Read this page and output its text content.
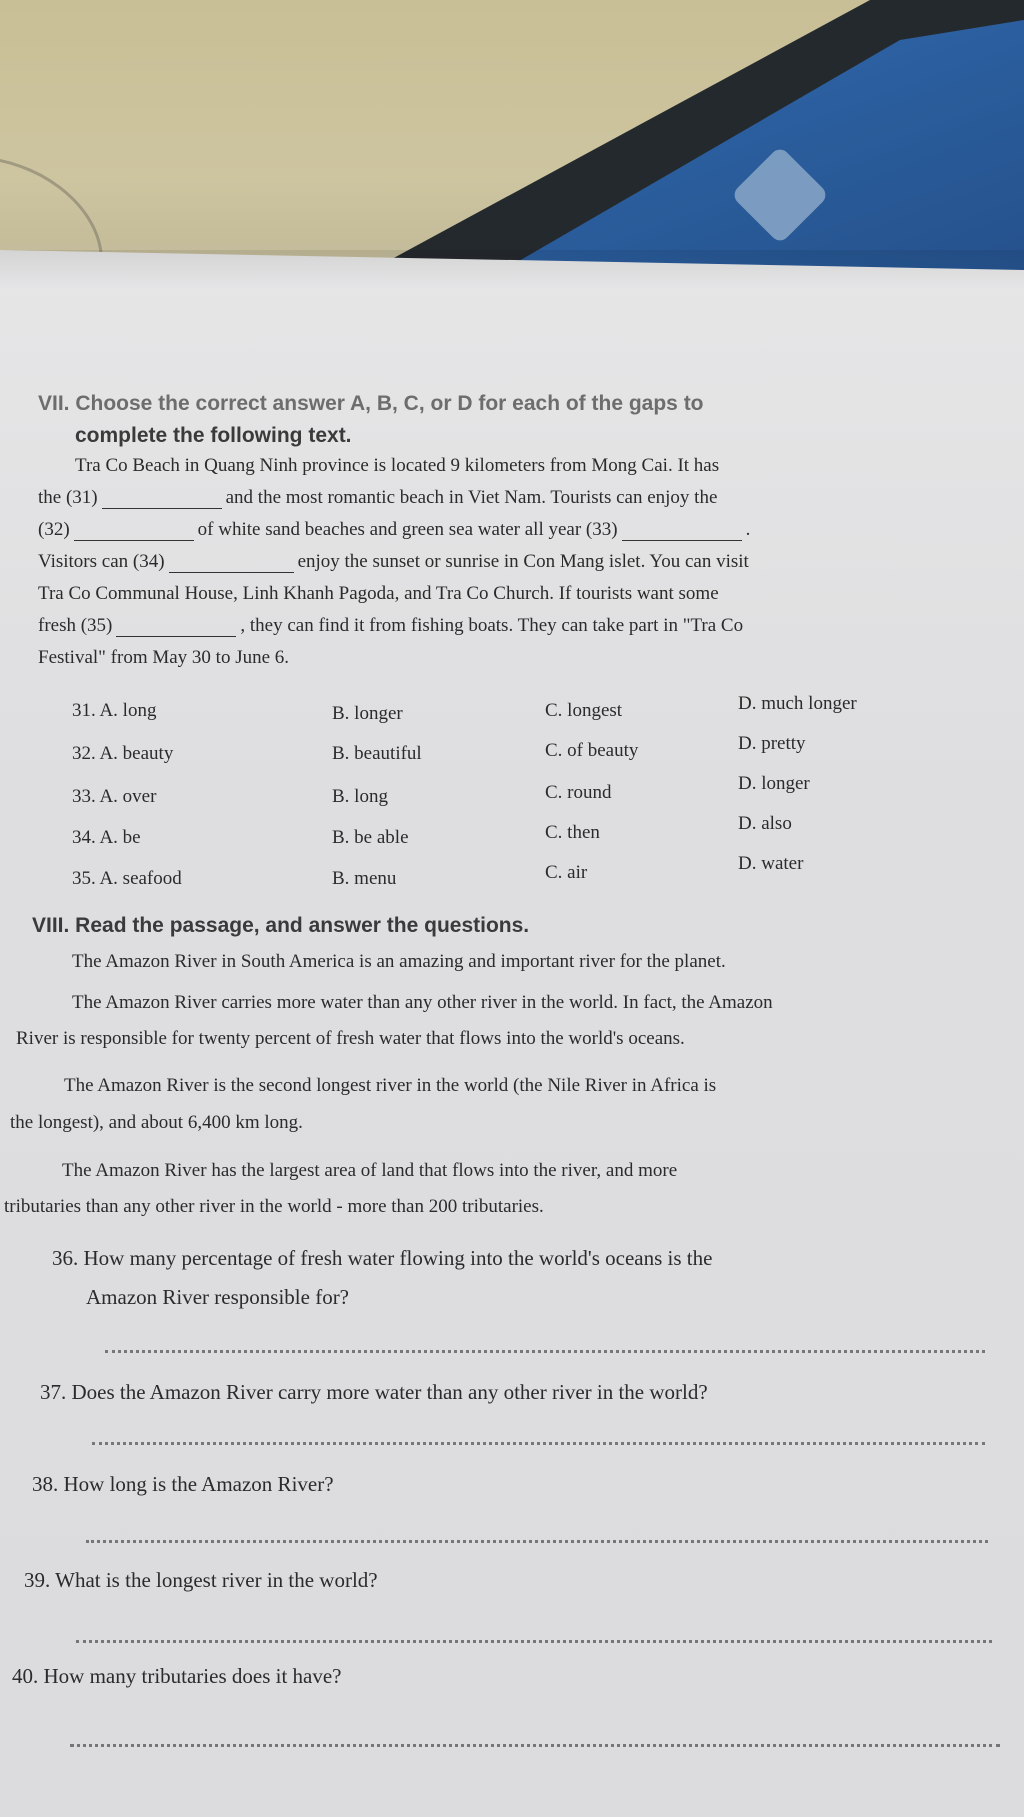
VII. Choose the correct answer A, B, C, or D for each of the gaps to
complete the following text.
Tra Co Beach in Quang Ninh province is located 9 kilometers from Mong Cai. It has
the (31)	and the most romantic beach in Viet Nam. Tourists can enjoy the
(32)	of white sand beaches and green sea water all year (33)	.
Visitors can (34)	enjoy the sunset or sunrise in Con Mang islet. You can visit
Tra Co Communal House, Linh Khanh Pagoda, and Tra Co Church. If tourists want some
fresh (35)	, they can find it from fishing boats. They can take part in "Tra Co
Festival" from May 30 to June 6.
31. A. long	B. longer	C. longest	D. much longer
32. A. beauty	B. beautiful	C. of beauty	D. pretty
33. A. over	B. long	C. round	D. longer
34. A. be	B. be able	C. then	D. also
35. A. seafood	B. menu	C. air	D. water
VIII. Read the passage, and answer the questions.
The Amazon River in South America is an amazing and important river for the planet.
The Amazon River carries more water than any other river in the world. In fact, the Amazon
River is responsible for twenty percent of fresh water that flows into the world's oceans.
The Amazon River is the second longest river in the world (the Nile River in Africa is
the longest), and about 6,400 km long.
The Amazon River has the largest area of land that flows into the river, and more
tributaries than any other river in the world - more than 200 tributaries.
36. How many percentage of fresh water flowing into the world's oceans is the
Amazon River responsible for?
37. Does the Amazon River carry more water than any other river in the world?
38. How long is the Amazon River?
39. What is the longest river in the world?
40. How many tributaries does it have?
